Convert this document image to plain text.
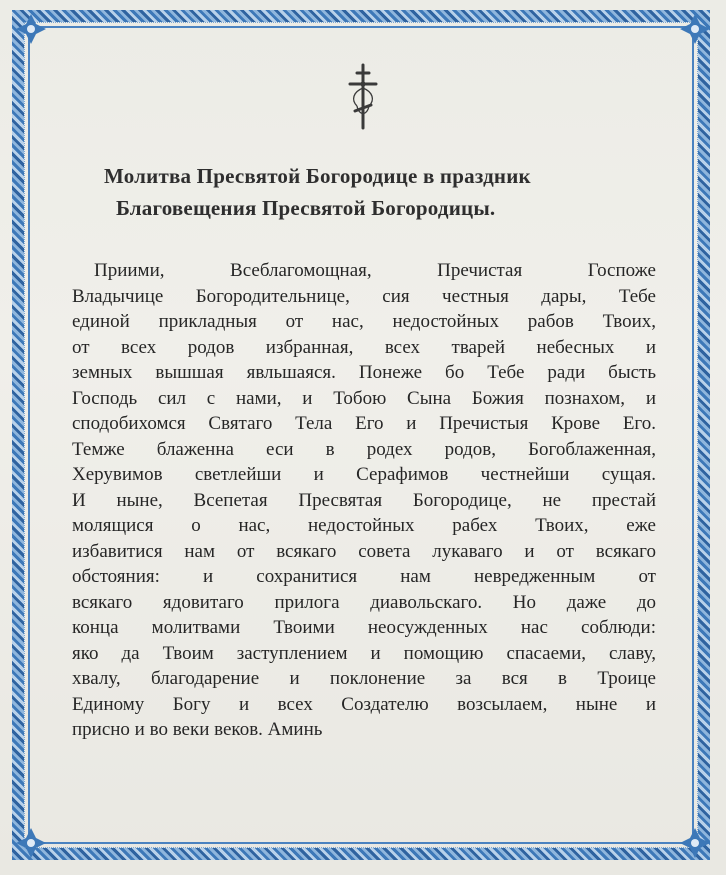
Молитва Пресвятой Богородице в праздник
Благовещения Пресвятой Богородицы.
Приими, Всеблагомощная, Пречистая Госпоже
Владычице Богородительнице, сия честныя дары, Тебе
единой прикладныя от нас, недостойных рабов Твоих,
от всех родов избранная, всех тварей небесных и
земных вышшая явльшаяся. Понеже бо Тебе ради бысть
Господь сил с нами, и Тобою Сына Божия познахом, и
сподобихомся Святаго Тела Его и Пречистыя Крове Его.
Темже блаженна еси в родех родов, Богоблаженная,
Херувимов светлейши и Серафимов честнейши сущая.
И ныне, Всепетая Пресвятая Богородице, не престай
молящися о нас, недостойных рабех Твоих, еже
избавитися нам от всякаго совета лукаваго и от всякаго
обстояния: и сохранитися нам невредженным от
всякаго ядовитаго прилога диавольскаго. Но даже до
конца молитвами Твоими неосужденных нас соблюди:
яко да Твоим заступлением и помощию спасаеми, славу,
хвалу, благодарение и поклонение за вся в Троице
Единому Богу и всех Создателю возсылаем, ныне и
присно и во веки веков. Аминь
